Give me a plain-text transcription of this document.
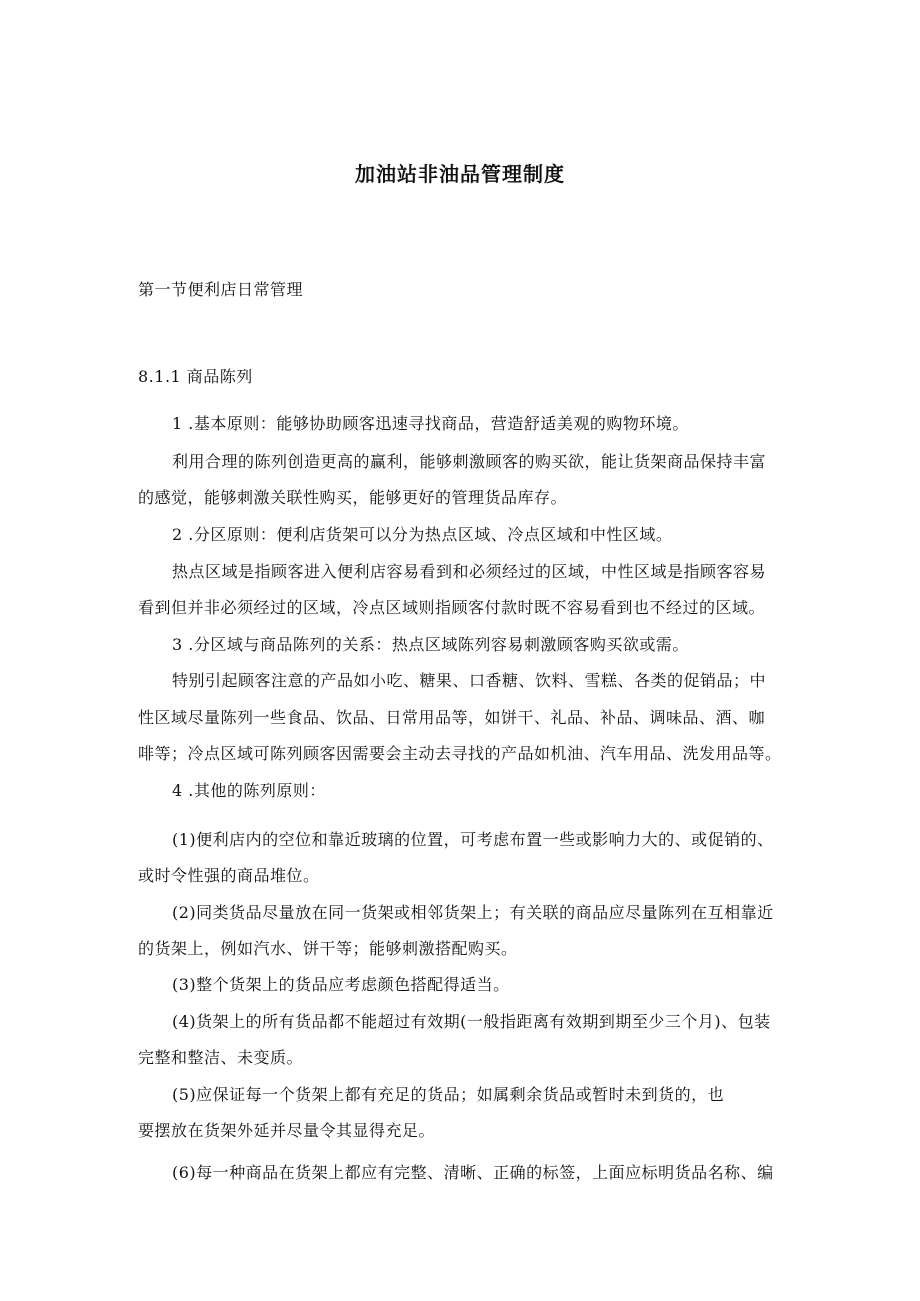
加油站非油品管理制度
第一节便利店日常管理
8.1.1 商品陈列
1 .基本原则：能够协助顾客迅速寻找商品，营造舒适美观的购物环境。
利用合理的陈列创造更高的赢利，能够刺激顾客的购买欲，能让货架商品保持丰富
的感觉，能够刺激关联性购买，能够更好的管理货品库存。
2 .分区原则：便利店货架可以分为热点区域、冷点区域和中性区域。
热点区域是指顾客进入便利店容易看到和必须经过的区域，中性区域是指顾客容易
看到但并非必须经过的区域，冷点区域则指顾客付款时既不容易看到也不经过的区域。
3 .分区域与商品陈列的关系：热点区域陈列容易刺激顾客购买欲或需。
特别引起顾客注意的产品如小吃、糖果、口香糖、饮料、雪糕、各类的促销品；中
性区域尽量陈列一些食品、饮品、日常用品等，如饼干、礼品、补品、调味品、酒、咖
啡等；冷点区域可陈列顾客因需要会主动去寻找的产品如机油、汽车用品、洗发用品等。
4 .其他的陈列原则：
(1)便利店内的空位和靠近玻璃的位置，可考虑布置一些或影响力大的、或促销的、
或时令性强的商品堆位。
(2)同类货品尽量放在同一货架或相邻货架上；有关联的商品应尽量陈列在互相靠近
的货架上，例如汽水、饼干等；能够刺激搭配购买。
(3)整个货架上的货品应考虑颜色搭配得适当。
(4)货架上的所有货品都不能超过有效期(一般指距离有效期到期至少三个月)、包装
完整和整洁、未变质。
(5)应保证每一个货架上都有充足的货品；如属剩余货品或暂时未到货的，也
要摆放在货架外延并尽量令其显得充足。
(6)每一种商品在货架上都应有完整、清晰、正确的标签，上面应标明货品名称、编
